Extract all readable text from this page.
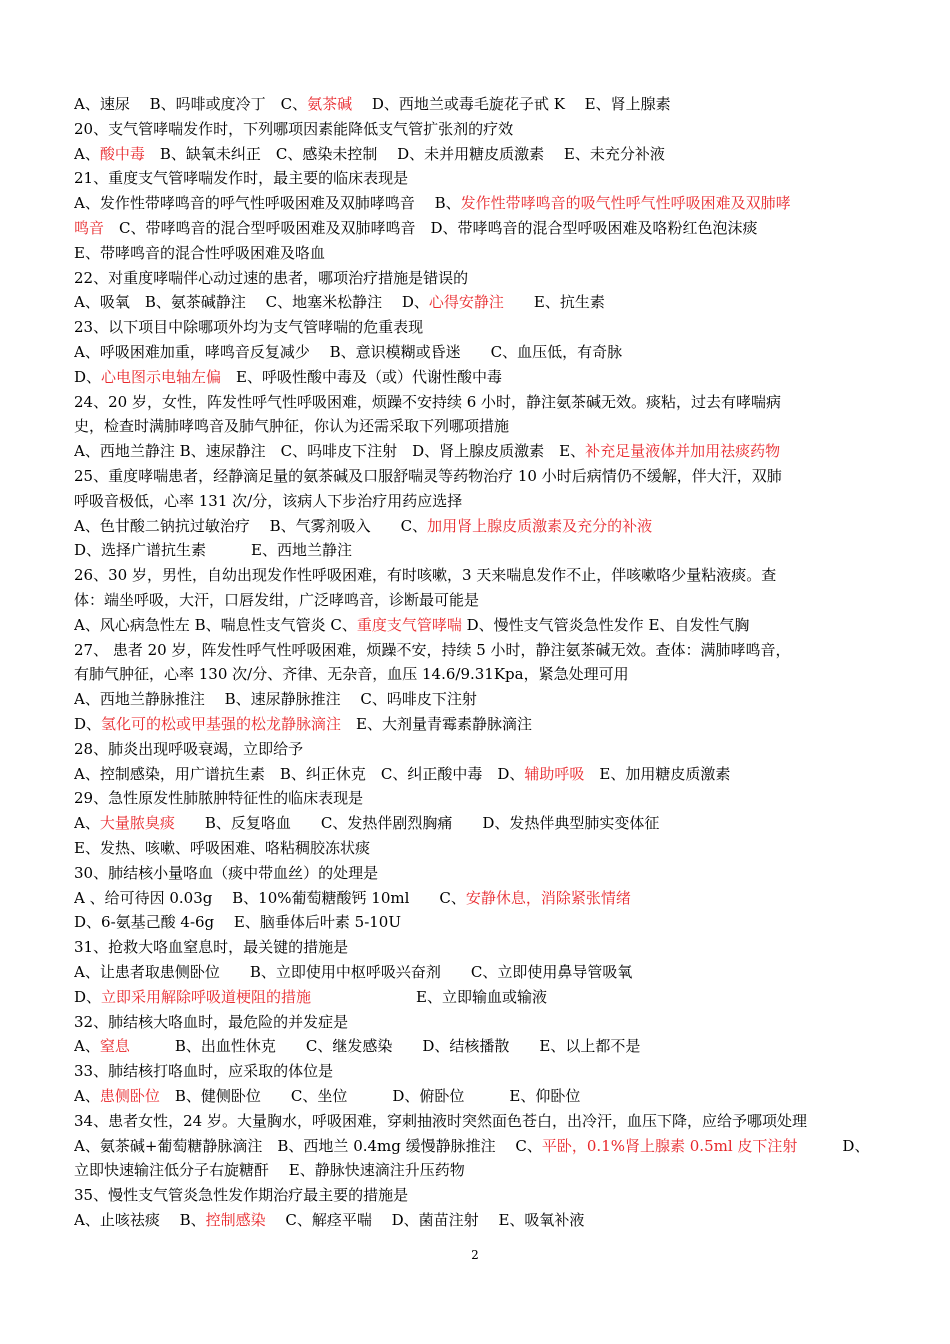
A、速尿　 B、吗啡或度冷丁　C、氨茶碱　 D、西地兰或毒毛旋花子甙 K　 E、肾上腺素
20、支气管哮喘发作时，下列哪项因素能降低支气管扩张剂的疗效
A、酸中毒　B、缺氧未纠正　C、感染未控制　 D、未并用糖皮质激素　 E、未充分补液
21、重度支气管哮喘发作时，最主要的临床表现是
A、发作性带哮鸣音的呼气性呼吸困难及双肺哮鸣音　 B、发作性带哮鸣音的吸气性呼气性呼吸困难及双肺哮
鸣音　C、带哮鸣音的混合型呼吸困难及双肺哮鸣音　D、带哮鸣音的混合型呼吸困难及咯粉红色泡沫痰
E、带哮鸣音的混合性呼吸困难及咯血
22、对重度哮喘伴心动过速的患者，哪项治疗措施是错误的
A、吸氧　B、氨茶碱静注　 C、地塞米松静注　 D、心得安静注　　E、抗生素
23、以下项目中除哪项外均为支气管哮喘的危重表现
A、呼吸困难加重，哮鸣音反复减少　 B、意识模糊或昏迷　　C、血压低，有奇脉
D、心电图示电轴左偏　E、呼吸性酸中毒及（或）代谢性酸中毒
24、20 岁，女性，阵发性呼气性呼吸困难，烦躁不安持续 6 小时，静注氨茶碱无效。痰粘，过去有哮喘病
史，检查时满肺哮鸣音及肺气肿征，你认为还需采取下列哪项措施
A、西地兰静注 B、速尿静注　C、吗啡皮下注射　D、肾上腺皮质激素　E、补充足量液体并加用祛痰药物
25、重度哮喘患者，经静滴足量的氨茶碱及口服舒喘灵等药物治疗 10 小时后病情仍不缓解，伴大汗，双肺
呼吸音极低，心率 131 次/分，该病人下步治疗用药应选择
A、色甘酸二钠抗过敏治疗　 B、气雾剂吸入　　C、加用肾上腺皮质激素及充分的补液
D、选择广谱抗生素　　　E、西地兰静注
26、30 岁，男性，自幼出现发作性呼吸困难，有时咳嗽，3 天来喘息发作不止，伴咳嗽咯少量粘液痰。查
体：端坐呼吸，大汗，口唇发绀，广泛哮鸣音，诊断最可能是
A、风心病急性左 B、喘息性支气管炎 C、重度支气管哮喘 D、慢性支气管炎急性发作 E、自发性气胸
27、 患者 20 岁，阵发性呼气性呼吸困难，烦躁不安，持续 5 小时，静注氨茶碱无效。查体：满肺哮鸣音，
有肺气肿征，心率 130 次/分、齐律、无杂音，血压 14.6/9.31Kpa，紧急处理可用
A、西地兰静脉推注　 B、速尿静脉推注　 C、吗啡皮下注射
D、氢化可的松或甲基强的松龙静脉滴注　E、大剂量青霉素静脉滴注
28、肺炎出现呼吸衰竭，立即给予
A、控制感染，用广谱抗生素　B、纠正休克　C、纠正酸中毒　D、辅助呼吸　E、加用糖皮质激素
29、急性原发性肺脓肿特征性的临床表现是
A、大量脓臭痰　　B、反复咯血　　C、发热伴剧烈胸痛　　D、发热伴典型肺实变体征
E、发热、咳嗽、呼吸困难、咯粘稠胶冻状痰
30、肺结核小量咯血（痰中带血丝）的处理是
A 、给可待因 0.03g　 B、10%葡萄糖酸钙 10ml　　C、安静休息，消除紧张情绪
D、6-氨基己酸 4-6g　 E、脑垂体后叶素 5-10U
31、抢救大咯血窒息时，最关键的措施是
A、让患者取患侧卧位　　B、立即使用中枢呼吸兴奋剂　　C、立即使用鼻导管吸氧
D、立即采用解除呼吸道梗阻的措施　　　　　　　E、立即输血或输液
32、肺结核大咯血时，最危险的并发症是
A、窒息　　　B、出血性休克　　C、继发感染　　D、结核播散　　E、以上都不是
33、肺结核打咯血时，应采取的体位是
A、患侧卧位　B、健侧卧位　　C、坐位　　　D、俯卧位　　　E、仰卧位
34、患者女性，24 岁。大量胸水，呼吸困难，穿刺抽液时突然面色苍白，出冷汗，血压下降，应给予哪项处理
A、氨茶碱+葡萄糖静脉滴注　B、西地兰 0.4mg 缓慢静脉推注　 C、平卧，0.1%肾上腺素 0.5ml 皮下注射　　　D、
立即快速输注低分子右旋糖酐　 E、静脉快速滴注升压药物
35、慢性支气管炎急性发作期治疗最主要的措施是
A、止咳祛痰　 B、控制感染　 C、解痉平喘　 D、菌苗注射　 E、吸氧补液
2
